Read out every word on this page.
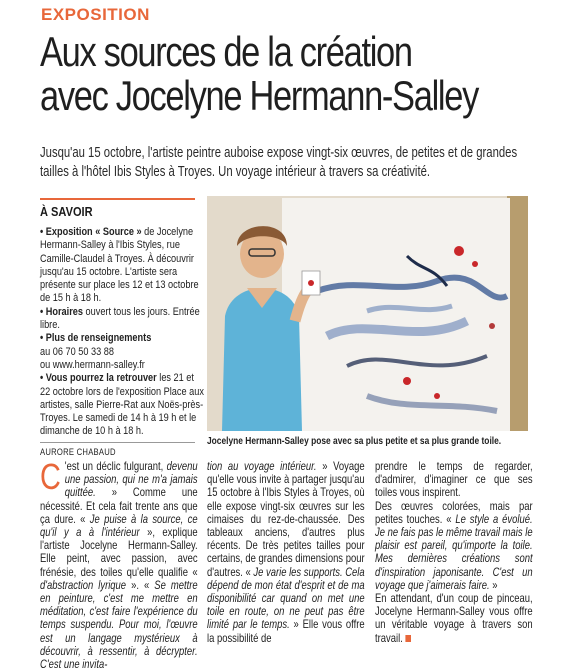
EXPOSITION
Aux sources de la création
avec Jocelyne Hermann-Salley
Jusqu'au 15 octobre, l'artiste peintre auboise expose vingt-six œuvres, de petites et de grandes tailles à l'hôtel Ibis Styles à Troyes. Un voyage intérieur à travers sa créativité.
À SAVOIR

• Exposition « Source » de Jocelyne Hermann-Salley à l'Ibis Styles, rue Camille-Claudel à Troyes. À découvrir jusqu'au 15 octobre. L'artiste sera présente sur place les 12 et 13 octobre de 15 h à 18 h.

• Horaires ouvert tous les jours. Entrée libre.

• Plus de renseignements
au 06 70 50 33 88
ou www.hermann-salley.fr

• Vous pourrez la retrouver les 21 et 22 octobre lors de l'exposition Place aux artistes, salle Pierre-Rat aux Noës-près-Troyes. Le samedi de 14 h à 19 h et le dimanche de 10 h à 18 h.

Jocelyne Hermann-Salley pose avec sa plus petite et sa plus grande toile.
AURORE CHABAUD

C 'est un déclic fulgurant, devenu une passion, qui ne m'a jamais quittée. » Comme une nécessité. Et cela fait trente ans que ça dure. « Je puise à la source, ce qu'il y a à l'intérieur », explique l'artiste Jocelyne Hermann-Salley. Elle peint, avec passion, avec frénésie, des toiles qu'elle qualifie « d'abstraction lyrique ». « Se mettre en peinture, c'est me mettre en méditation, c'est faire l'expérience du temps suspendu. Pour moi, l'œuvre est un langage mystérieux à découvrir, à ressentir, à décrypter. C'est une invita-

tion au voyage intérieur. » Voyage qu'elle vous invite à partager jusqu'au 15 octobre à l'Ibis Styles à Troyes, où elle expose vingt-six œuvres sur les cimaises du rez-de-chaussée. Des tableaux anciens, d'autres plus récents. De très petites tailles pour certains, de grandes dimensions pour d'autres. « Je varie les supports. Cela dépend de mon état d'esprit et de ma disponibilité car quand on met une toile en route, on ne peut pas être limité par le temps. » Elle vous offre la possibilité de

prendre le temps de regarder, d'admirer, d'imaginer ce que ses toiles vous inspirent.

Des œuvres colorées, mais par petites touches. « Le style a évolué. Je ne fais pas le même travail mais le plaisir est pareil, qu'importe la toile. Mes dernières créations sont d'inspiration japonisante. C'est un voyage que j'aimerais faire. »

En attendant, d'un coup de pinceau, Jocelyne Hermann-Salley vous offre un véritable voyage à travers son travail.
